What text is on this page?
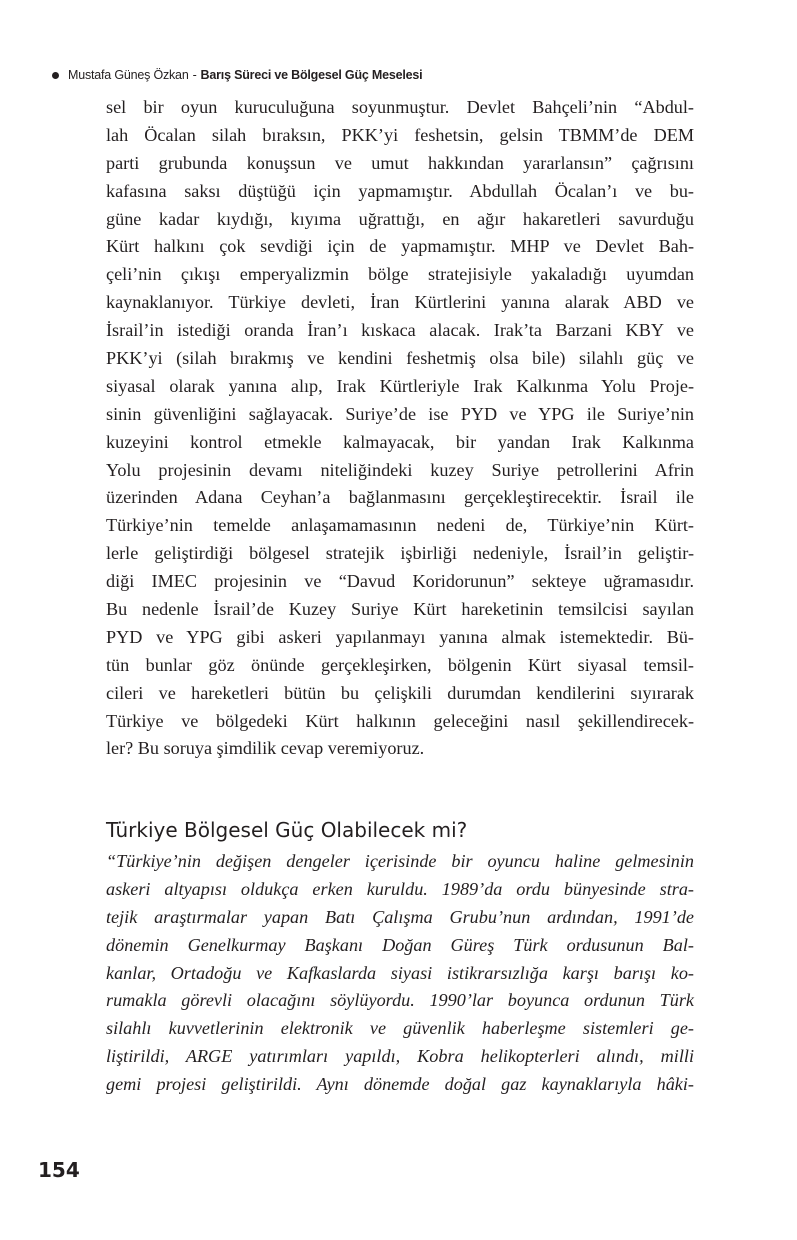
Mustafa Güneş Özkan - Barış Süreci ve Bölgesel Güç Meselesi
sel bir oyun kuruculuğuna soyunmuştur. Devlet Bahçeli’nin “Abdul-
lah Öcalan silah bıraksın, PKK’yi feshetsin, gelsin TBMM’de DEM
parti grubunda konuşsun ve umut hakkından yararlansın” çağrısını
kafasına saksı düştüğü için yapmamıştır. Abdullah Öcalan’ı ve bu-
güne kadar kıydığı, kıyıma uğrattığı, en ağır hakaretleri savurduğu
Kürt halkını çok sevdiği için de yapmamıştır. MHP ve Devlet Bah-
çeli’nin çıkışı emperyalizmin bölge stratejisiyle yakaladığı uyumdan
kaynaklanıyor. Türkiye devleti, İran Kürtlerini yanına alarak ABD ve
İsrail’in istediği oranda İran’ı kıskaca alacak. Irak’ta Barzani KBY ve
PKK’yi (silah bırakmış ve kendini feshetmiş olsa bile) silahlı güç ve
siyasal olarak yanına alıp, Irak Kürtleriyle Irak Kalkınma Yolu Proje-
sinin güvenliğini sağlayacak. Suriye’de ise PYD ve YPG ile Suriye’nin
kuzeyini kontrol etmekle kalmayacak, bir yandan Irak Kalkınma
Yolu projesinin devamı niteliğindeki kuzey Suriye petrollerini Afrin
üzerinden Adana Ceyhan’a bağlanmasını gerçekleştirecektir. İsrail ile
Türkiye’nin temelde anlaşamamasının nedeni de, Türkiye’nin Kürt-
lerle geliştirdiği bölgesel stratejik işbirliği nedeniyle, İsrail’in geliştir-
diği IMEC projesinin ve “Davud Koridorunun” sekteye uğramasıdır.
Bu nedenle İsrail’de Kuzey Suriye Kürt hareketinin temsilcisi sayılan
PYD ve YPG gibi askeri yapılanmayı yanına almak istemektedir. Bü-
tün bunlar göz önünde gerçekleşirken, bölgenin Kürt siyasal temsil-
cileri ve hareketleri bütün bu çelişkili durumdan kendilerini sıyırarak
Türkiye ve bölgedeki Kürt halkının geleceğini nasıl şekillendirecek-
ler? Bu soruya şimdilik cevap veremiyoruz.
Türkiye Bölgesel Güç Olabilecek mi?
“Türkiye’nin değişen dengeler içerisinde bir oyuncu haline gelmesinin
askeri altyapısı oldukça erken kuruldu. 1989’da ordu bünyesinde stra-
tejik araştırmalar yapan Batı Çalışma Grubu’nun ardından, 1991’de
dönemin Genelkurmay Başkanı Doğan Güreş Türk ordusunun Bal-
kanlar, Ortadoğu ve Kafkaslarda siyasi istikrarsızlığa karşı barışı ko-
rumakla görevli olacağını söylüyordu. 1990’lar boyunca ordunun Türk
silahlı kuvvetlerinin elektronik ve güvenlik haberleşme sistemleri ge-
liştirildi, ARGE yatırımları yapıldı, Kobra helikopterleri alındı, milli
gemi projesi geliştirildi. Aynı dönemde doğal gaz kaynaklarıyla hâki-
154
